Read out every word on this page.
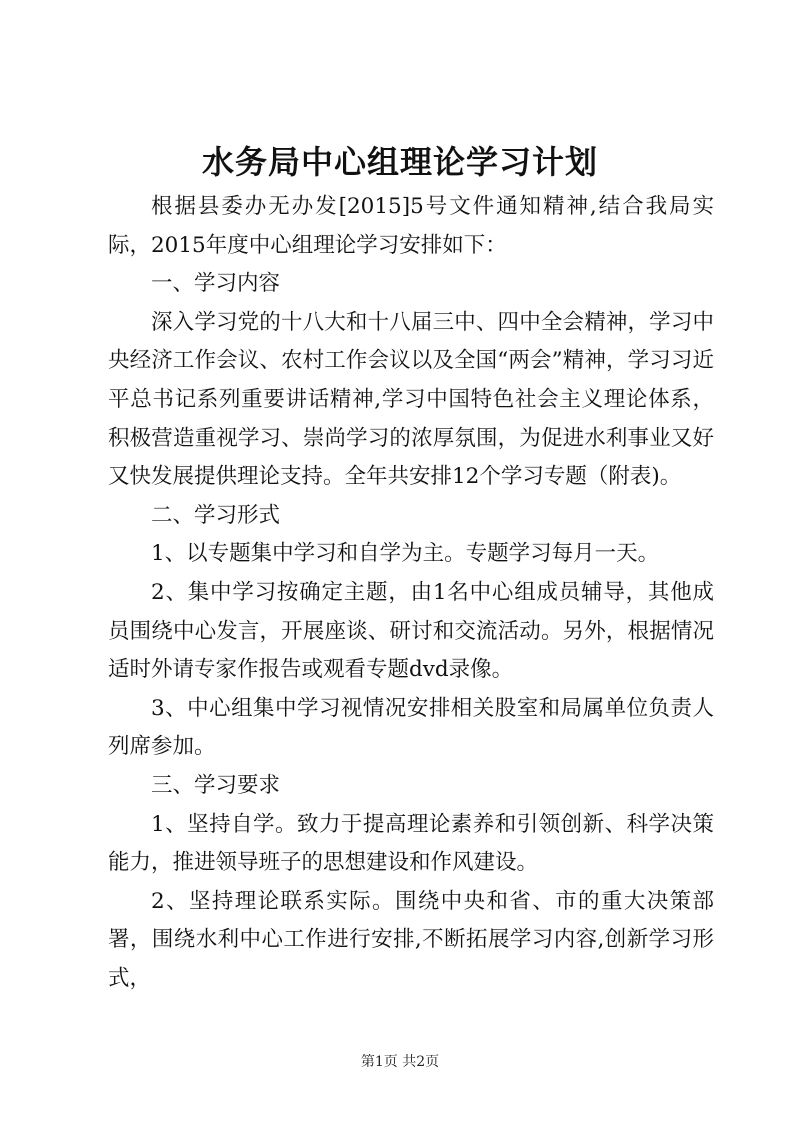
水务局中心组理论学习计划

根据县委办无办发[2015]5号文件通知精神,结合我局实际，2015年度中心组理论学习安排如下：

一、学习内容

深入学习党的十八大和十八届三中、四中全会精神，学习中央经济工作会议、农村工作会议以及全国“两会”精神，学习习近平总书记系列重要讲话精神,学习中国特色社会主义理论体系，积极营造重视学习、崇尚学习的浓厚氛围，为促进水利事业又好又快发展提供理论支持。全年共安排12个学习专题（附表)。

二、学习形式

1、以专题集中学习和自学为主。专题学习每月一天。

2、集中学习按确定主题，由1名中心组成员辅导，其他成员围绕中心发言，开展座谈、研讨和交流活动。另外，根据情况适时外请专家作报告或观看专题dvd录像。

3、中心组集中学习视情况安排相关股室和局属单位负责人列席参加。

三、学习要求

1、坚持自学。致力于提高理论素养和引领创新、科学决策能力，推进领导班子的思想建设和作风建设。

2、坚持理论联系实际。围绕中央和省、市的重大决策部署，围绕水利中心工作进行安排,不断拓展学习内容,创新学习形式，

第1页 共2页
